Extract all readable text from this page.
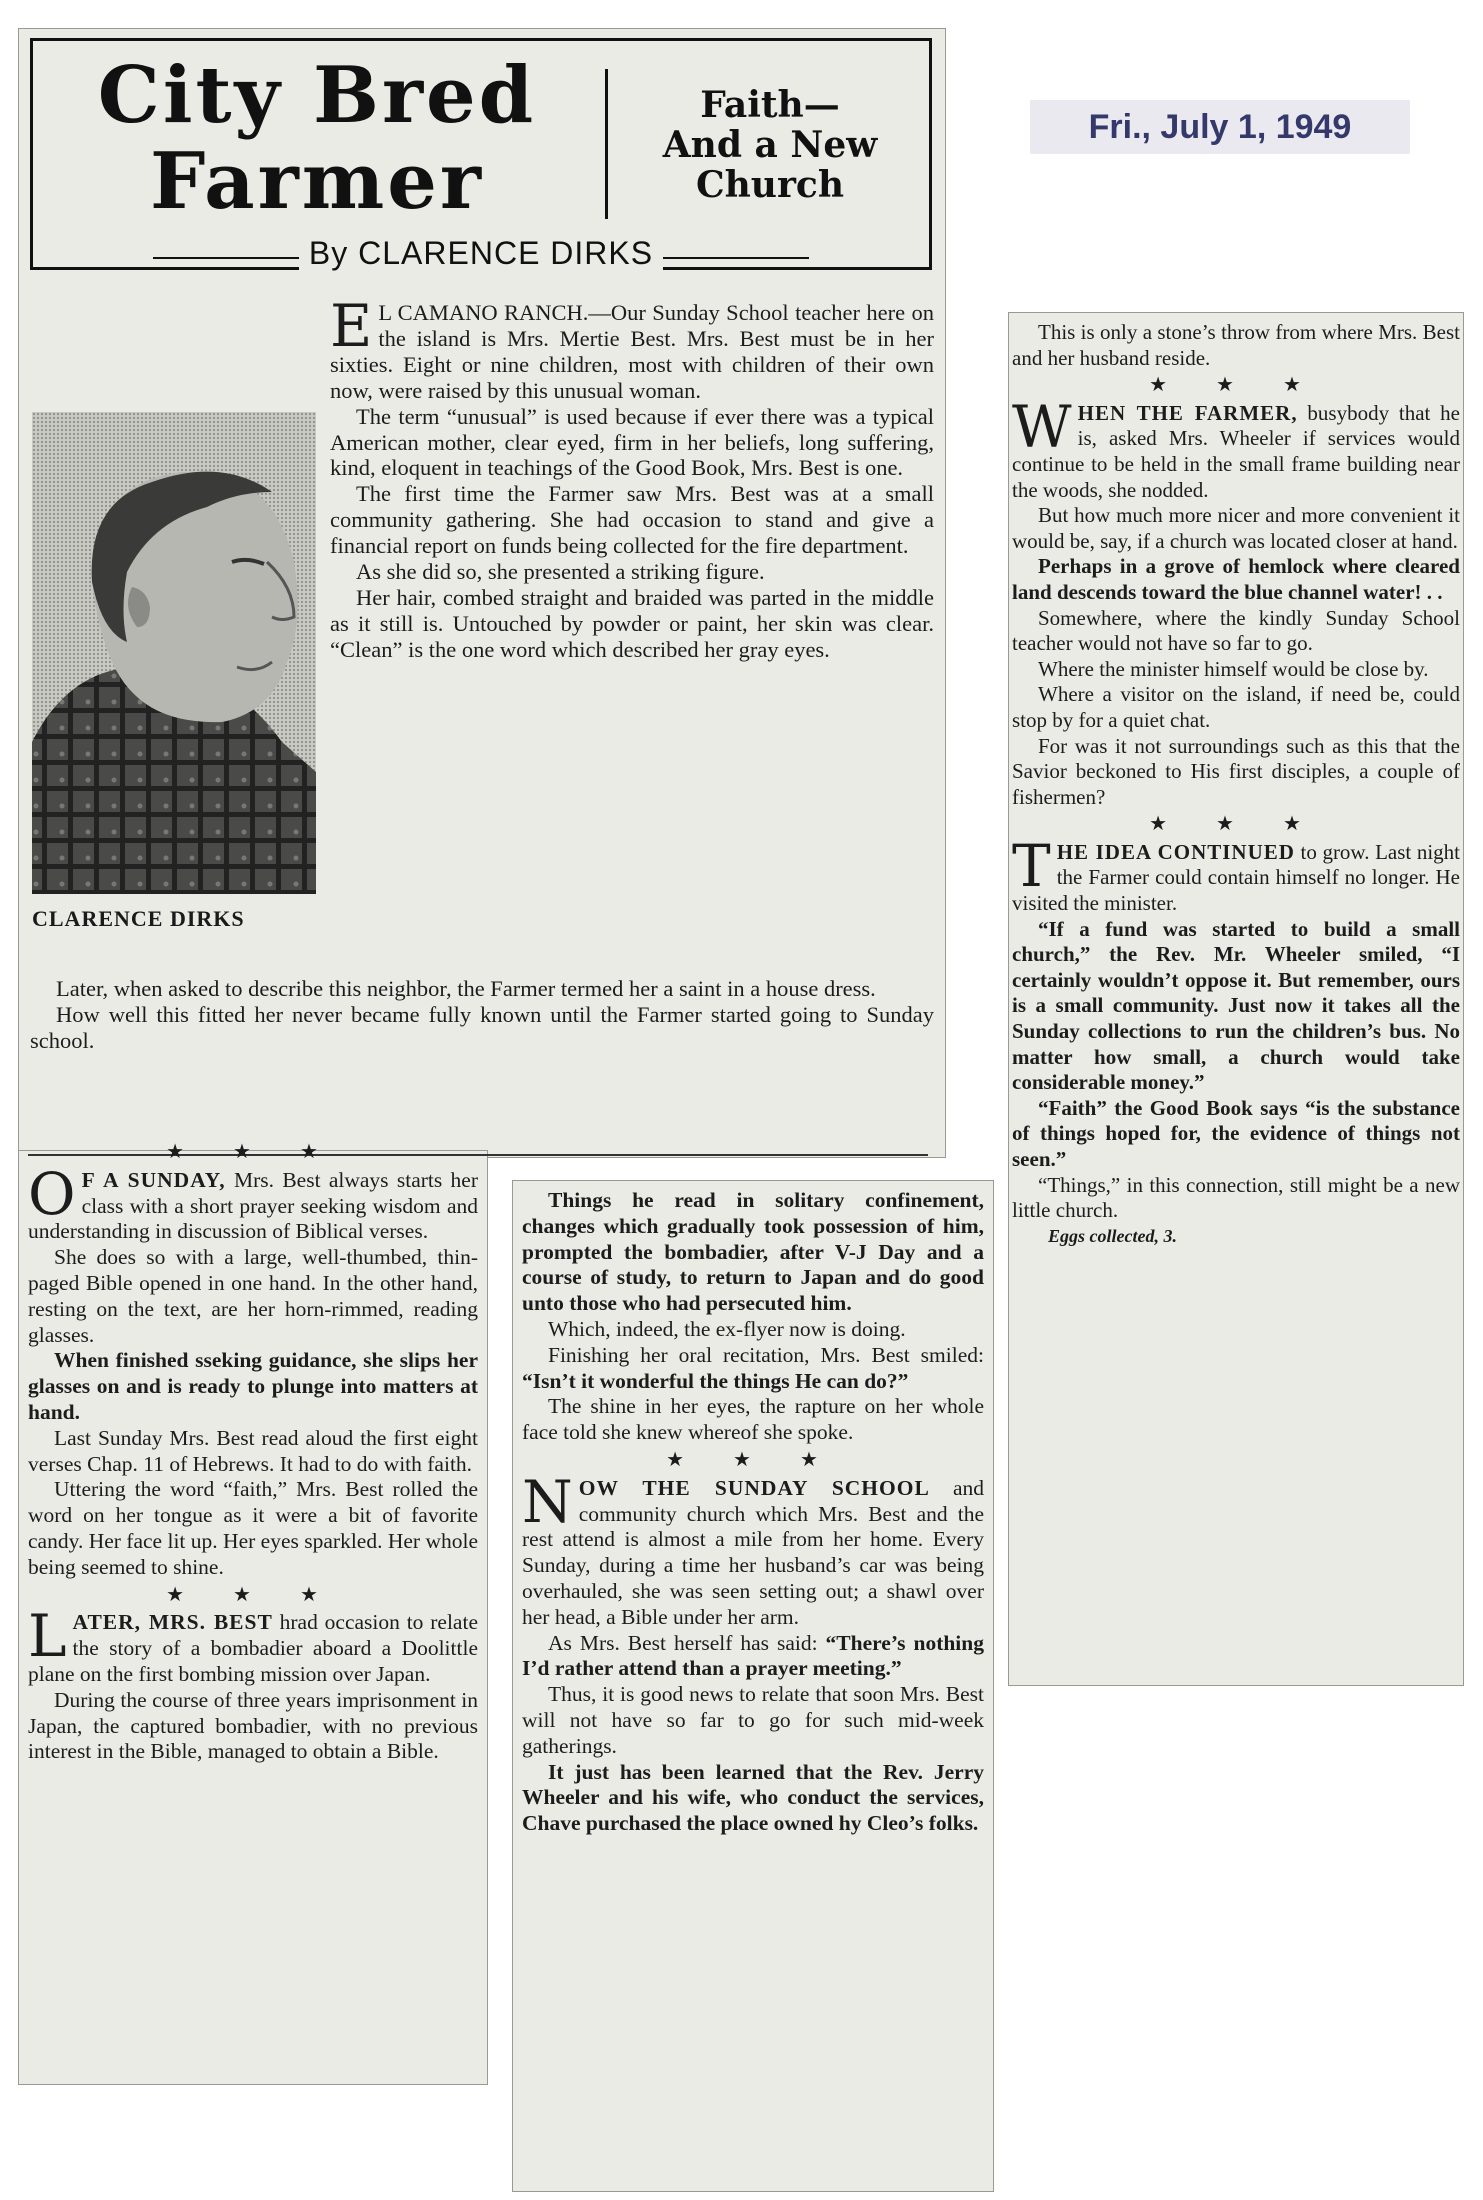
Fri., July 1, 1949
City Bred
Farmer
Faith—
And a New
Church
By CLARENCE DIRKS
CLARENCE DIRKS

E L CAMANO RANCH.—Our Sunday School teacher here on the island is Mrs. Mertie Best. Mrs. Best must be in her sixties. Eight or nine children, most with children of their own now, were raised by this unusual woman.

The term “unusual” is used because if ever there was a typical American mother, clear eyed, firm in her beliefs, long suffering, kind, eloquent in teachings of the Good Book, Mrs. Best is one.

The first time the Farmer saw Mrs. Best was at a small community gathering. She had occasion to stand and give a financial report on funds being collected for the fire department.

As she did so, she presented a striking figure.

Her hair, combed straight and braided was parted in the middle as it still is. Untouched by powder or paint, her skin was clear. “Clean” is the one word which described her gray eyes.

Later, when asked to describe this neighbor, the Farmer termed her a saint in a house dress.

How well this fitted her never became fully known until the Farmer started going to Sunday school.

★ ★ ★

O F A SUNDAY, Mrs. Best always starts her class with a short prayer seeking wisdom and understanding in discussion of Biblical verses.

She does so with a large, well-thumbed, thin-paged Bible opened in one hand. In the other hand, resting on the text, are her horn-rimmed, reading glasses.

When finished sseking guidance, she slips her glasses on and is ready to plunge into matters at hand.

Last Sunday Mrs. Best read aloud the first eight verses Chap. 11 of Hebrews. It had to do with faith.

Uttering the word “faith,” Mrs. Best rolled the word on her tongue as it were a bit of favorite candy. Her face lit up. Her eyes sparkled. Her whole being seemed to shine.

★ ★ ★

LATER, MRS. BEST hrad occasion to relate the story of a bombadier aboard a Doolittle plane on the first bombing mission over Japan.

During the course of three years imprisonment in Japan, the captured bombadier, with no previous interest in the Bible, managed to obtain a Bible.

Things he read in solitary confinement, changes which gradually took possession of him, prompted the bombadier, after V-J Day and a course of study, to return to Japan and do good unto those who had persecuted him.

Which, indeed, the ex-flyer now is doing.

Finishing her oral recitation, Mrs. Best smiled: “Isn’t it wonderful the things He can do?”

The shine in her eyes, the rapture on her whole face told she knew whereof she spoke.

★ ★ ★

NOW THE SUNDAY SCHOOL and community church which Mrs. Best and the rest attend is almost a mile from her home. Every Sunday, during a time her husband’s car was being overhauled, she was seen setting out; a shawl over her head, a Bible under her arm.

As Mrs. Best herself has said: “There’s nothing I’d rather attend than a prayer meeting.”

Thus, it is good news to relate that soon Mrs. Best will not have so far to go for such mid-week gatherings.

It just has been learned that the Rev. Jerry Wheeler and his wife, who conduct the services, Chave purchased the place owned hy Cleo’s folks.

This is only a stone’s throw from where Mrs. Best and her husband reside.

★ ★ ★

WHEN THE FARMER, busybody that he is, asked Mrs. Wheeler if services would continue to be held in the small frame building near the woods, she nodded.

But how much more nicer and more convenient it would be, say, if a church was located closer at hand.

Perhaps in a grove of hemlock where cleared land descends toward the blue channel water! . .

Somewhere, where the kindly Sunday School teacher would not have so far to go.

Where the minister himself would be close by.

Where a visitor on the island, if need be, could stop by for a quiet chat.

For was it not surroundings such as this that the Savior beckoned to His first disciples, a couple of fishermen?

★ ★ ★

THE IDEA CONTINUED to grow. Last night the Farmer could contain himself no longer. He visited the minister.

“If a fund was started to build a small church,” the Rev. Mr. Wheeler smiled, “I certainly wouldn’t oppose it. But remember, ours is a small community. Just now it takes all the Sunday collections to run the children’s bus. No matter how small, a church would take considerable money.”

“Faith” the Good Book says “is the substance of things hoped for, the evidence of things not seen.”

“Things,” in this connection, still might be a new little church.

Eggs collected, 3.
